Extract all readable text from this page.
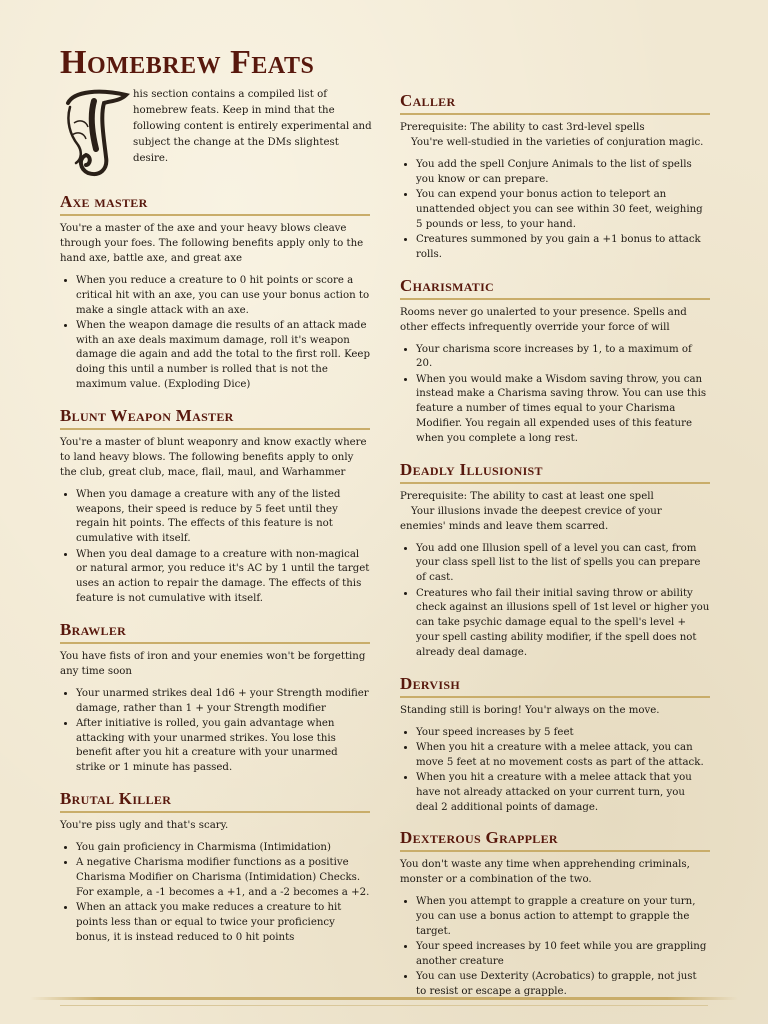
Homebrew Feats
T
his section contains a compiled list of homebrew feats. Keep in mind that the following content is entirely experimental and subject the change at the DMs slightest desire.
Axe master

You're a master of the axe and your heavy blows cleave through your foes. The following benefits apply only to the hand axe, battle axe, and great axe

• When you reduce a creature to 0 hit points or score a critical hit with an axe, you can use your bonus action to make a single attack with an axe.
• When the weapon damage die results of an attack made with an axe deals maximum damage, roll it's weapon damage die again and add the total to the first roll. Keep doing this until a number is rolled that is not the maximum value. (Exploding Dice)
Blunt Weapon Master

You're a master of blunt weaponry and know exactly where to land heavy blows. The following benefits apply to only the club, great club, mace, flail, maul, and Warhammer

• When you damage a creature with any of the listed weapons, their speed is reduce by 5 feet until they regain hit points. The effects of this feature is not cumulative with itself.
• When you deal damage to a creature with non-magical or natural armor, you reduce it's AC by 1 until the target uses an action to repair the damage. The effects of this feature is not cumulative with itself.
Brawler

You have fists of iron and your enemies won't be forgetting any time soon

• Your unarmed strikes deal 1d6 + your Strength modifier damage, rather than 1 + your Strength modifier
• After initiative is rolled, you gain advantage when attacking with your unarmed strikes. You lose this benefit after you hit a creature with your unarmed strike or 1 minute has passed.
Brutal Killer

You're piss ugly and that's scary.

• You gain proficiency in Charmisma (Intimidation)
• A negative Charisma modifier functions as a positive Charisma Modifier on Charisma (Intimidation) Checks. For example, a -1 becomes a +1, and a -2 becomes a +2.
• When an attack you make reduces a creature to hit points less than or equal to twice your proficiency bonus, it is instead reduced to 0 hit points
Caller

Prerequisite: The ability to cast 3rd-level spells

You're well-studied in the varieties of conjuration magic.

• You add the spell Conjure Animals to the list of spells you know or can prepare.
• You can expend your bonus action to teleport an unattended object you can see within 30 feet, weighing 5 pounds or less, to your hand.
• Creatures summoned by you gain a +1 bonus to attack rolls.
Charismatic

Rooms never go unalerted to your presence. Spells and other effects infrequently override your force of will

• Your charisma score increases by 1, to a maximum of 20.
• When you would make a Wisdom saving throw, you can instead make a Charisma saving throw. You can use this feature a number of times equal to your Charisma Modifier. You regain all expended uses of this feature when you complete a long rest.
Deadly Illusionist

Prerequisite: The ability to cast at least one spell

Your illusions invade the deepest crevice of your enemies' minds and leave them scarred.

• You add one Illusion spell of a level you can cast, from your class spell list to the list of spells you can prepare of cast.
• Creatures who fail their initial saving throw or ability check against an illusions spell of 1st level or higher you can take psychic damage equal to the spell's level + your spell casting ability modifier, if the spell does not already deal damage.
Dervish

Standing still is boring! You'r always on the move.

• Your speed increases by 5 feet
• When you hit a creature with a melee attack, you can move 5 feet at no movement costs as part of the attack.
• When you hit a creature with a melee attack that you have not already attacked on your current turn, you deal 2 additional points of damage.
Dexterous Grappler

You don't waste any time when apprehending criminals, monster or a combination of the two.

• When you attempt to grapple a creature on your turn, you can use a bonus action to attempt to grapple the target.
• Your speed increases by 10 feet while you are grappling another creature
• You can use Dexterity (Acrobatics) to grapple, not just to resist or escape a grapple.
